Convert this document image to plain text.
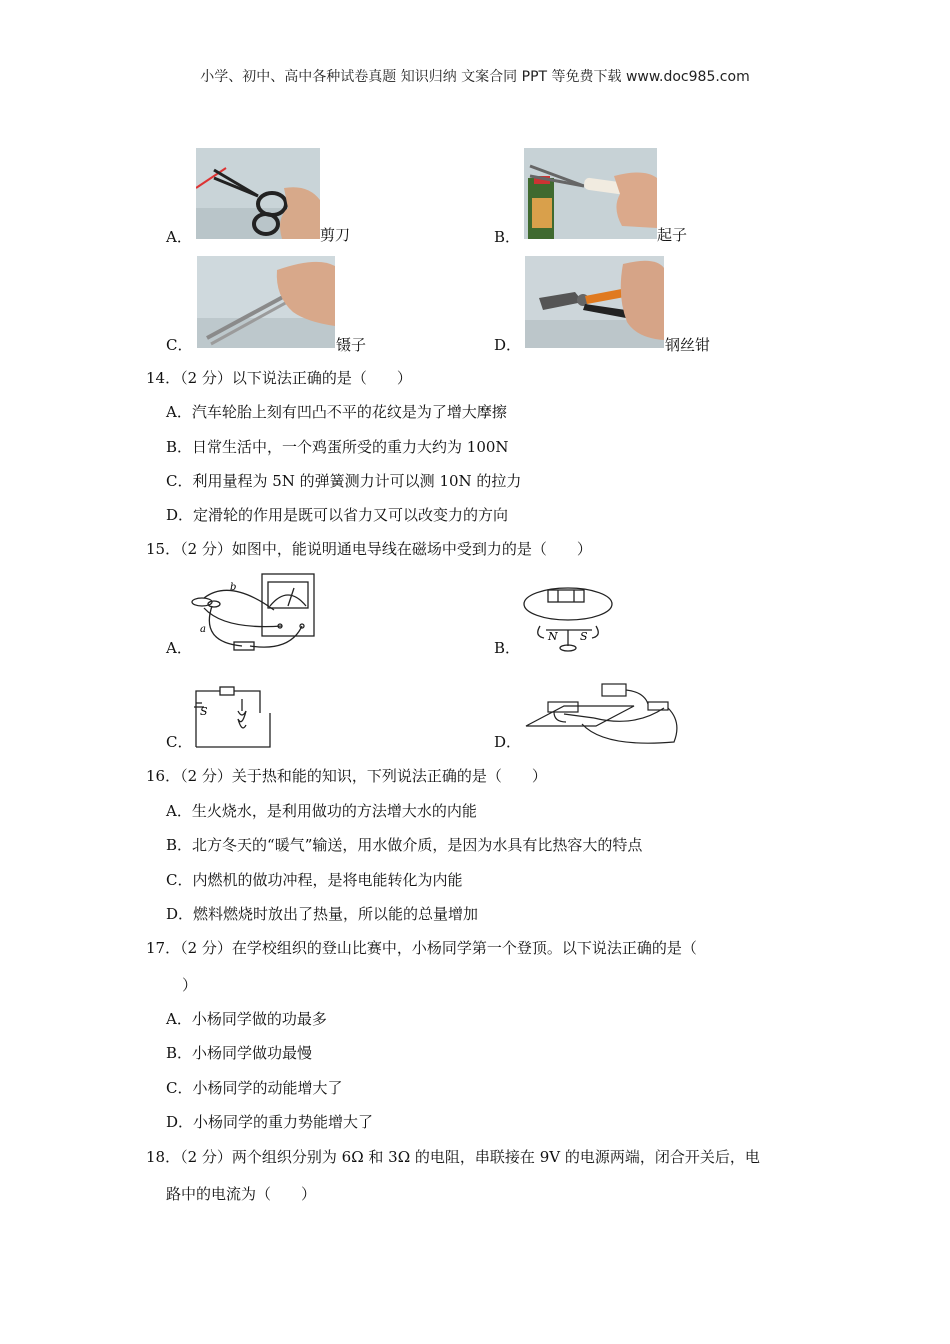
小学、初中、高中各种试卷真题 知识归纳 文案合同 PPT 等免费下载 www.doc985.com
A．	剪刀	B．	起子
C．	镊子	D．	钢丝钳
14．（2 分）以下说法正确的是（　　）
A．汽车轮胎上刻有凹凸不平的花纹是为了增大摩擦
B．日常生活中，一个鸡蛋所受的重力大约为 100N
C．利用量程为 5N 的弹簧测力计可以测 10N 的拉力
D．定滑轮的作用是既可以省力又可以改变力的方向
15．（2 分）如图中，能说明通电导线在磁场中受到力的是（　　）
b
a
A．
N S
B．
S
C．	D．
16．（2 分）关于热和能的知识，下列说法正确的是（　　）
A．生火烧水，是利用做功的方法增大水的内能
B．北方冬天的“暖气”输送，用水做介质，是因为水具有比热容大的特点
C．内燃机的做功冲程，是将电能转化为内能
D．燃料燃烧时放出了热量，所以能的总量增加
17．（2 分）在学校组织的登山比赛中，小杨同学第一个登顶。以下说法正确的是（
）
A．小杨同学做的功最多
B．小杨同学做功最慢
C．小杨同学的动能增大了
D．小杨同学的重力势能增大了
18．（2 分）两个组织分别为 6Ω 和 3Ω 的电阻，串联接在 9V 的电源两端，闭合开关后，电
路中的电流为（　　）
